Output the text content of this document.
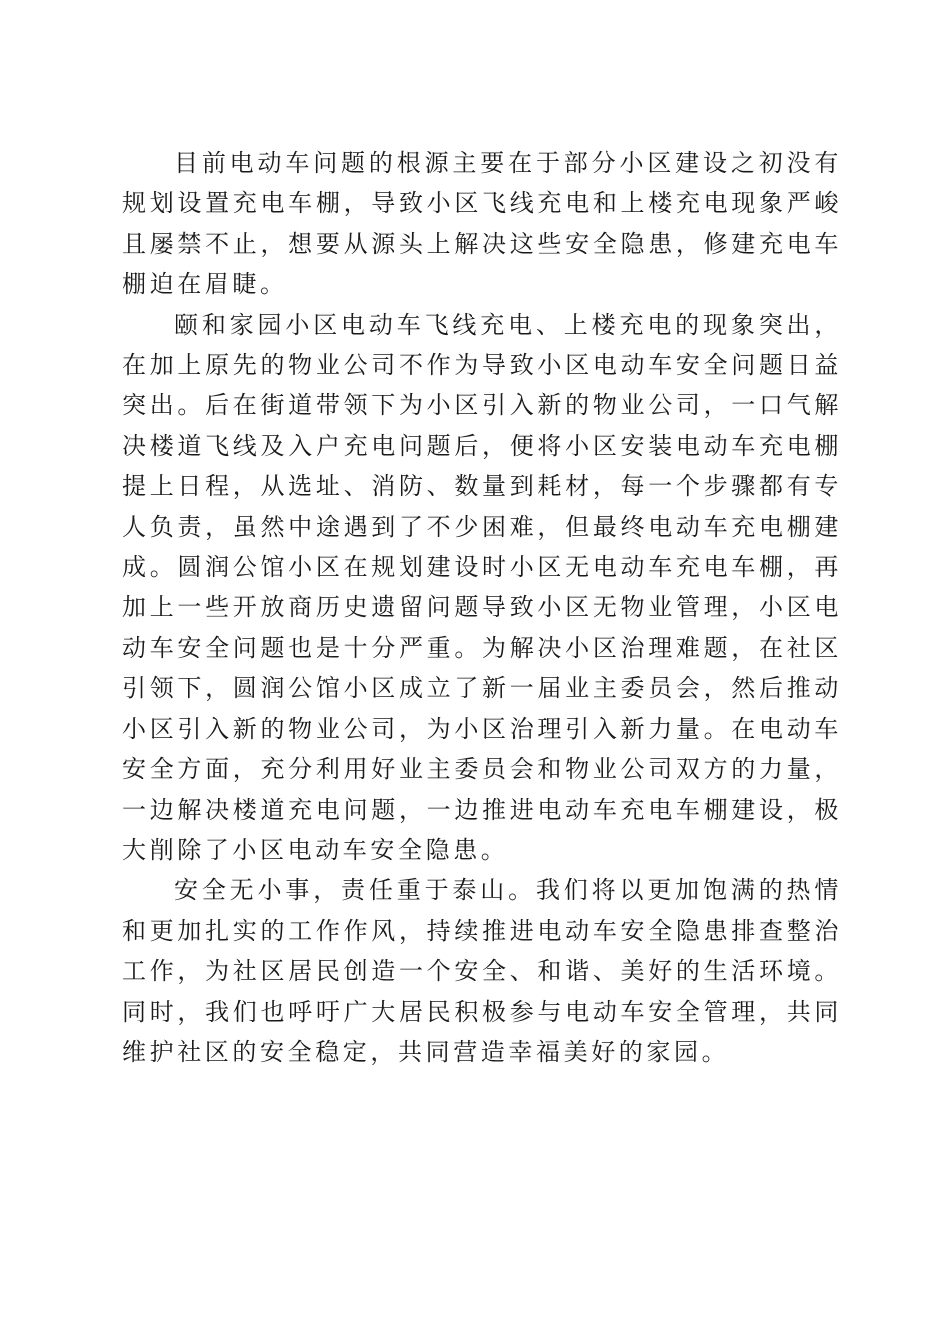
目前电动车问题的根源主要在于部分小区建设之初没有规划设置充电车棚，导致小区飞线充电和上楼充电现象严峻且屡禁不止，想要从源头上解决这些安全隐患，修建充电车棚迫在眉睫。

颐和家园小区电动车飞线充电、上楼充电的现象突出，在加上原先的物业公司不作为导致小区电动车安全问题日益突出。后在街道带领下为小区引入新的物业公司，一口气解决楼道飞线及入户充电问题后，便将小区安装电动车充电棚提上日程，从选址、消防、数量到耗材，每一个步骤都有专人负责，虽然中途遇到了不少困难，但最终电动车充电棚建成。圆润公馆小区在规划建设时小区无电动车充电车棚，再加上一些开放商历史遗留问题导致小区无物业管理，小区电动车安全问题也是十分严重。为解决小区治理难题，在社区引领下，圆润公馆小区成立了新一届业主委员会，然后推动小区引入新的物业公司，为小区治理引入新力量。在电动车安全方面，充分利用好业主委员会和物业公司双方的力量，一边解决楼道充电问题，一边推进电动车充电车棚建设，极大削除了小区电动车安全隐患。

安全无小事，责任重于泰山。我们将以更加饱满的热情和更加扎实的工作作风，持续推进电动车安全隐患排查整治工作，为社区居民创造一个安全、和谐、美好的生活环境。同时，我们也呼吁广大居民积极参与电动车安全管理，共同维护社区的安全稳定，共同营造幸福美好的家园。
